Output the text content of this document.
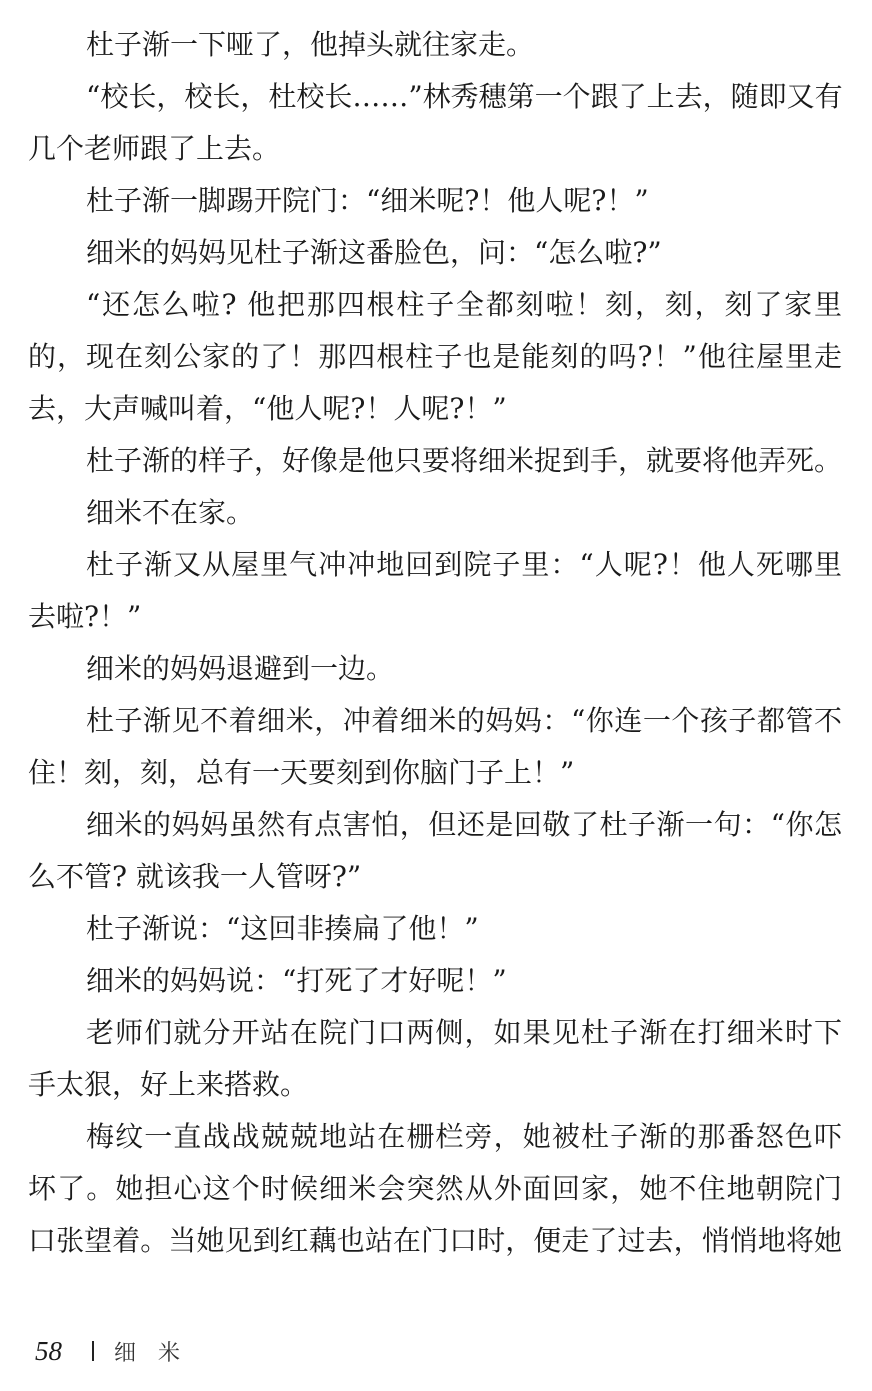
杜子渐一下哑了，他掉头就往家走。
“校长，校长，杜校长……”林秀穗第一个跟了上去，随即又有
几个老师跟了上去。
杜子渐一脚踢开院门：“细米呢?！他人呢?！”
细米的妈妈见杜子渐这番脸色，问：“怎么啦?”
“还怎么啦? 他把那四根柱子全都刻啦！刻，刻，刻了家里
的，现在刻公家的了！那四根柱子也是能刻的吗?！”他往屋里走
去，大声喊叫着，“他人呢?！人呢?！”
杜子渐的样子，好像是他只要将细米捉到手，就要将他弄死。
细米不在家。
杜子渐又从屋里气冲冲地回到院子里：“人呢?！他人死哪里
去啦?！”
细米的妈妈退避到一边。
杜子渐见不着细米，冲着细米的妈妈：“你连一个孩子都管不
住！刻，刻，总有一天要刻到你脑门子上！”
细米的妈妈虽然有点害怕，但还是回敬了杜子渐一句：“你怎
么不管? 就该我一人管呀?”
杜子渐说：“这回非揍扁了他！”
细米的妈妈说：“打死了才好呢！”
老师们就分开站在院门口两侧，如果见杜子渐在打细米时下
手太狠，好上来搭救。
梅纹一直战战兢兢地站在栅栏旁，她被杜子渐的那番怒色吓
坏了。她担心这个时候细米会突然从外面回家，她不住地朝院门
口张望着。当她见到红藕也站在门口时，便走了过去，悄悄地将她
58 细米
